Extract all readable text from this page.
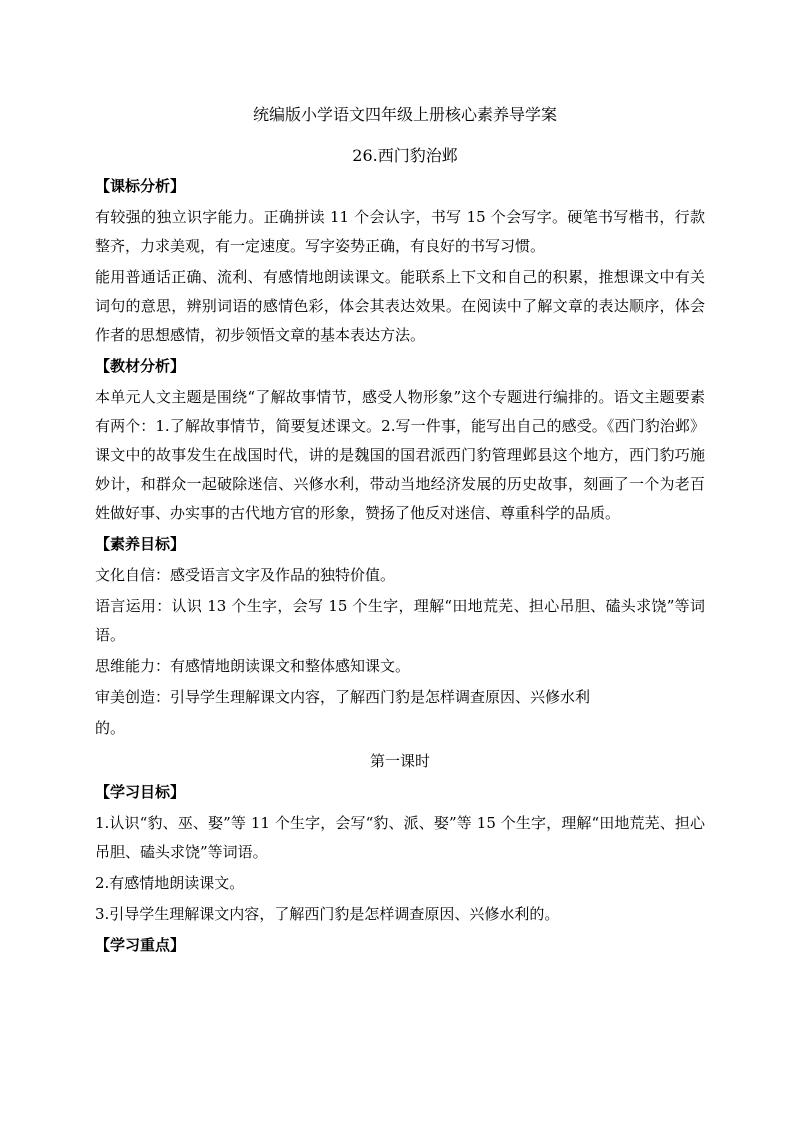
统编版小学语文四年级上册核心素养导学案
26.西门豹治邺
【课标分析】
有较强的独立识字能力。正确拼读 11 个会认字，书写 15 个会写字。硬笔书写楷书，行款整齐，力求美观，有一定速度。写字姿势正确，有良好的书写习惯。
能用普通话正确、流利、有感情地朗读课文。能联系上下文和自己的积累，推想课文中有关词句的意思，辨别词语的感情色彩，体会其表达效果。在阅读中了解文章的表达顺序，体会作者的思想感情，初步领悟文章的基本表达方法。
【教材分析】
本单元人文主题是围绕“了解故事情节，感受人物形象”这个专题进行编排的。语文主题要素有两个：1.了解故事情节，简要复述课文。2.写一件事，能写出自己的感受。《西门豹治邺》课文中的故事发生在战国时代，讲的是魏国的国君派西门豹管理邺县这个地方，西门豹巧施妙计，和群众一起破除迷信、兴修水利，带动当地经济发展的历史故事，刻画了一个为老百姓做好事、办实事的古代地方官的形象，赞扬了他反对迷信、尊重科学的品质。
【素养目标】
文化自信：感受语言文字及作品的独特价值。
语言运用：认识 13 个生字，会写 15 个生字，理解“田地荒芜、担心吊胆、磕头求饶”等词语。
思维能力：有感情地朗读课文和整体感知课文。
审美创造：引导学生理解课文内容，了解西门豹是怎样调查原因、兴修水利
的。
第一课时
【学习目标】
1.认识“豹、巫、娶”等 11 个生字，会写“豹、派、娶”等 15 个生字，理解“田地荒芜、担心吊胆、磕头求饶”等词语。
2.有感情地朗读课文。
3.引导学生理解课文内容，了解西门豹是怎样调查原因、兴修水利的。
【学习重点】
